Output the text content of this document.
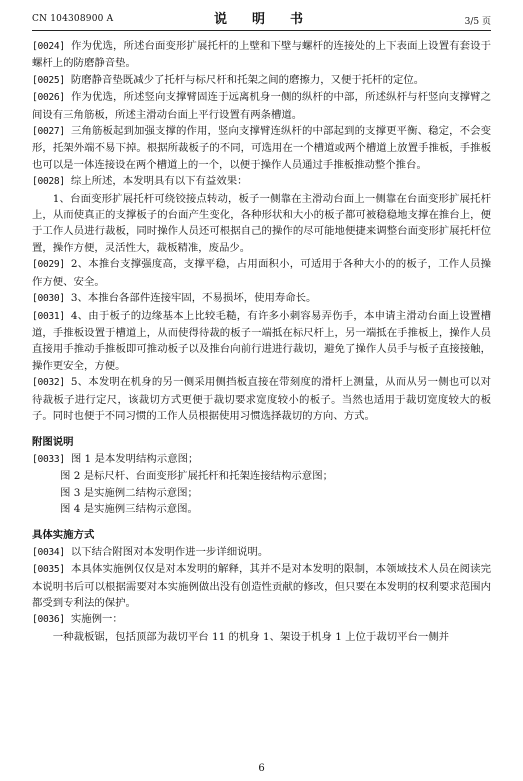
CN 104308900 A	说　明　书	3/5 页

[0024] 作为优选，所述台面变形扩展托杆的上壁和下壁与螺杆的连接处的上下表面上设置有套设于螺杆上的防磨静音垫。

[0025] 防磨静音垫既减少了托杆与标尺杆和托架之间的磨擦力，又便于托杆的定位。

[0026] 作为优选，所述竖向支撑臂固连于远离机身一侧的纵杆的中部，所述纵杆与杆竖向支撑臂之间设有三角筋板，所述主滑动台面上平行设置有两条槽道。

[0027] 三角筋板起到加强支撑的作用，竖向支撑臂连纵杆的中部起到的支撑更平衡、稳定，不会变形，托架外端不易下掉。根据所裁板子的不同，可选用在一个槽道或两个槽道上放置手推板，手推板也可以是一体连接设在两个槽道上的一个，以便于操作人员通过手推板推动整个推台。

[0028] 综上所述，本发明具有以下有益效果：

1、台面变形扩展托杆可绕铰接点转动，板子一侧靠在主滑动台面上一侧靠在台面变形扩展托杆上，从而使真正的支撑板子的台面产生变化，各种形状和大小的板子都可被稳稳地支撑在推台上，便于工作人员进行裁板，同时操作人员还可根据自己的操作的尽可能地便捷来调整台面变形扩展托杆位置，操作方便，灵活性大，裁板精准，废品少。

[0029] 2、本推台支撑强度高，支撑平稳，占用面积小，可适用于各种大小的的板子，工作人员操作方便、安全。

[0030] 3、本推台各部件连接牢固，不易损坏，使用寿命长。

[0031] 4、由于板子的边缘基本上比较毛糙，有许多小刺容易弄伤手，本申请主滑动台面上设置槽道，手推板设置于槽道上，从而使得待裁的板子一端抵在标尺杆上，另一端抵在手推板上，操作人员直接用手推动手推板即可推动板子以及推台向前行进进行裁切，避免了操作人员手与板子直接接触，操作更安全，方便。

[0032] 5、本发明在机身的另一侧采用侧挡板直接在带刻度的滑杆上测量，从而从另一侧也可以对待裁板子进行定尺，该裁切方式更便于裁切要求宽度较小的板子。当然也适用于裁切宽度较大的板子。同时也便于不同习惯的工作人员根据使用习惯选择裁切的方向、方式。

附图说明

[0033] 图 1 是本发明结构示意图；

图 2 是标尺杆、台面变形扩展托杆和托架连接结构示意图；

图 3 是实施例二结构示意图；

图 4 是实施例三结构示意图。

具体实施方式

[0034] 以下结合附图对本发明作进一步详细说明。

[0035] 本具体实施例仅仅是对本发明的解释，其并不是对本发明的限制，本领域技术人员在阅读完本说明书后可以根据需要对本实施例做出没有创造性贡献的修改，但只要在本发明的权利要求范围内都受到专利法的保护。

[0036] 实施例一：

一种裁板锯，包括顶部为裁切平台 11 的机身 1、架设于机身 1 上位于裁切平台一侧并

6
